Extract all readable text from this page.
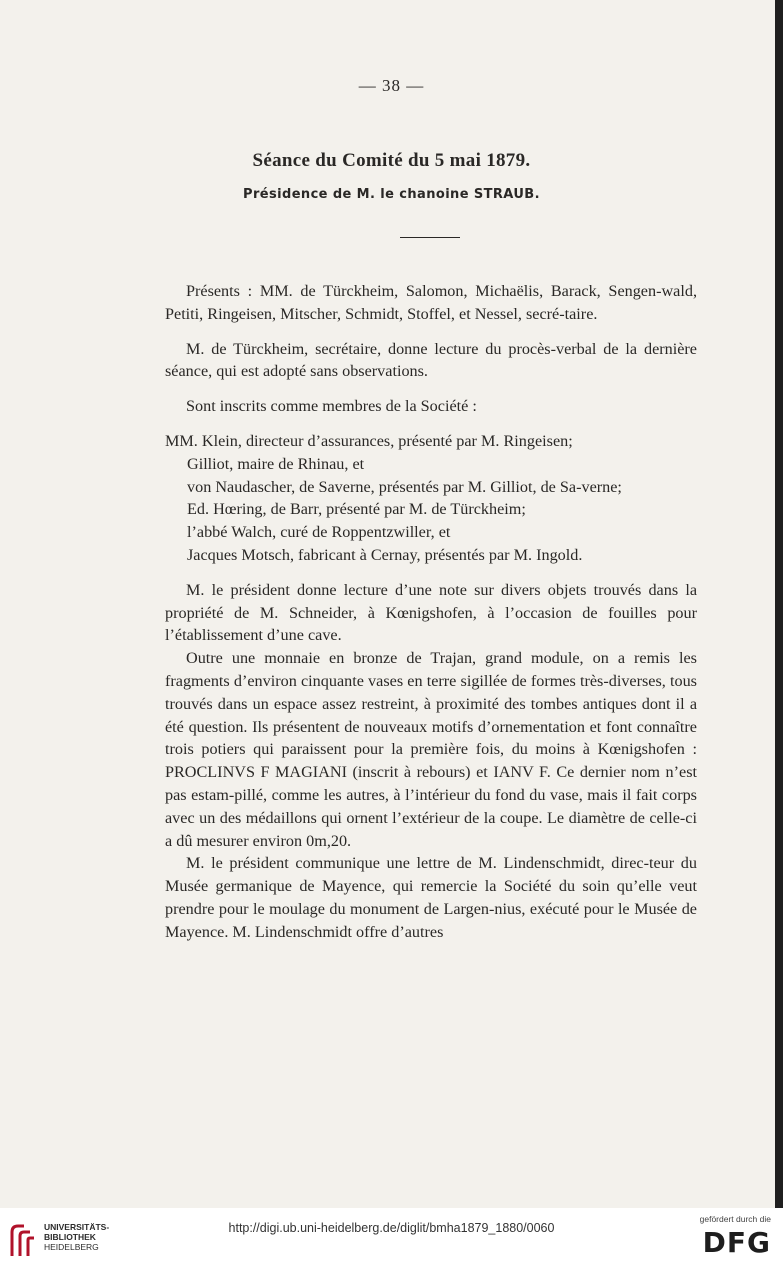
— 38 —
Séance du Comité du 5 mai 1879.
Présidence de M. le chanoine STRAUB.

Présents : MM. de Türckheim, Salomon, Michaëlis, Barack, Sengen-wald, Petiti, Ringeisen, Mitscher, Schmidt, Stoffel, et Nessel, secré-taire.

M. de Türckheim, secrétaire, donne lecture du procès-verbal de la dernière séance, qui est adopté sans observations.

Sont inscrits comme membres de la Société :

MM. Klein, directeur d’assurances, présenté par M. Ringeisen;

Gilliot, maire de Rhinau, et

von Naudascher, de Saverne, présentés par M. Gilliot, de Sa-verne;

Ed. Hœring, de Barr, présenté par M. de Türckheim;

l’abbé Walch, curé de Roppentzwiller, et

Jacques Motsch, fabricant à Cernay, présentés par M. Ingold.

M. le président donne lecture d’une note sur divers objets trouvés dans la propriété de M. Schneider, à Kœnigshofen, à l’occasion de fouilles pour l’établissement d’une cave.

Outre une monnaie en bronze de Trajan, grand module, on a remis les fragments d’environ cinquante vases en terre sigillée de formes très-diverses, tous trouvés dans un espace assez restreint, à proximité des tombes antiques dont il a été question. Ils présentent de nouveaux motifs d’ornementation et font connaître trois potiers qui paraissent pour la première fois, du moins à Kœnigshofen : PROCLINVS F MAGIANI (inscrit à rebours) et IANV F. Ce dernier nom n’est pas estam-pillé, comme les autres, à l’intérieur du fond du vase, mais il fait corps avec un des médaillons qui ornent l’extérieur de la coupe. Le diamètre de celle-ci a dû mesurer environ 0m,20.

M. le président communique une lettre de M. Lindenschmidt, direc-teur du Musée germanique de Mayence, qui remercie la Société du soin qu’elle veut prendre pour le moulage du monument de Largen-nius, exécuté pour le Musée de Mayence. M. Lindenschmidt offre d’autres

UNIVERSITÄTS-
BIBLIOTHEK
HEIDELBERG
http://digi.ub.uni-heidelberg.de/diglit/bmha1879_1880/0060
gefördert durch die
DFG
